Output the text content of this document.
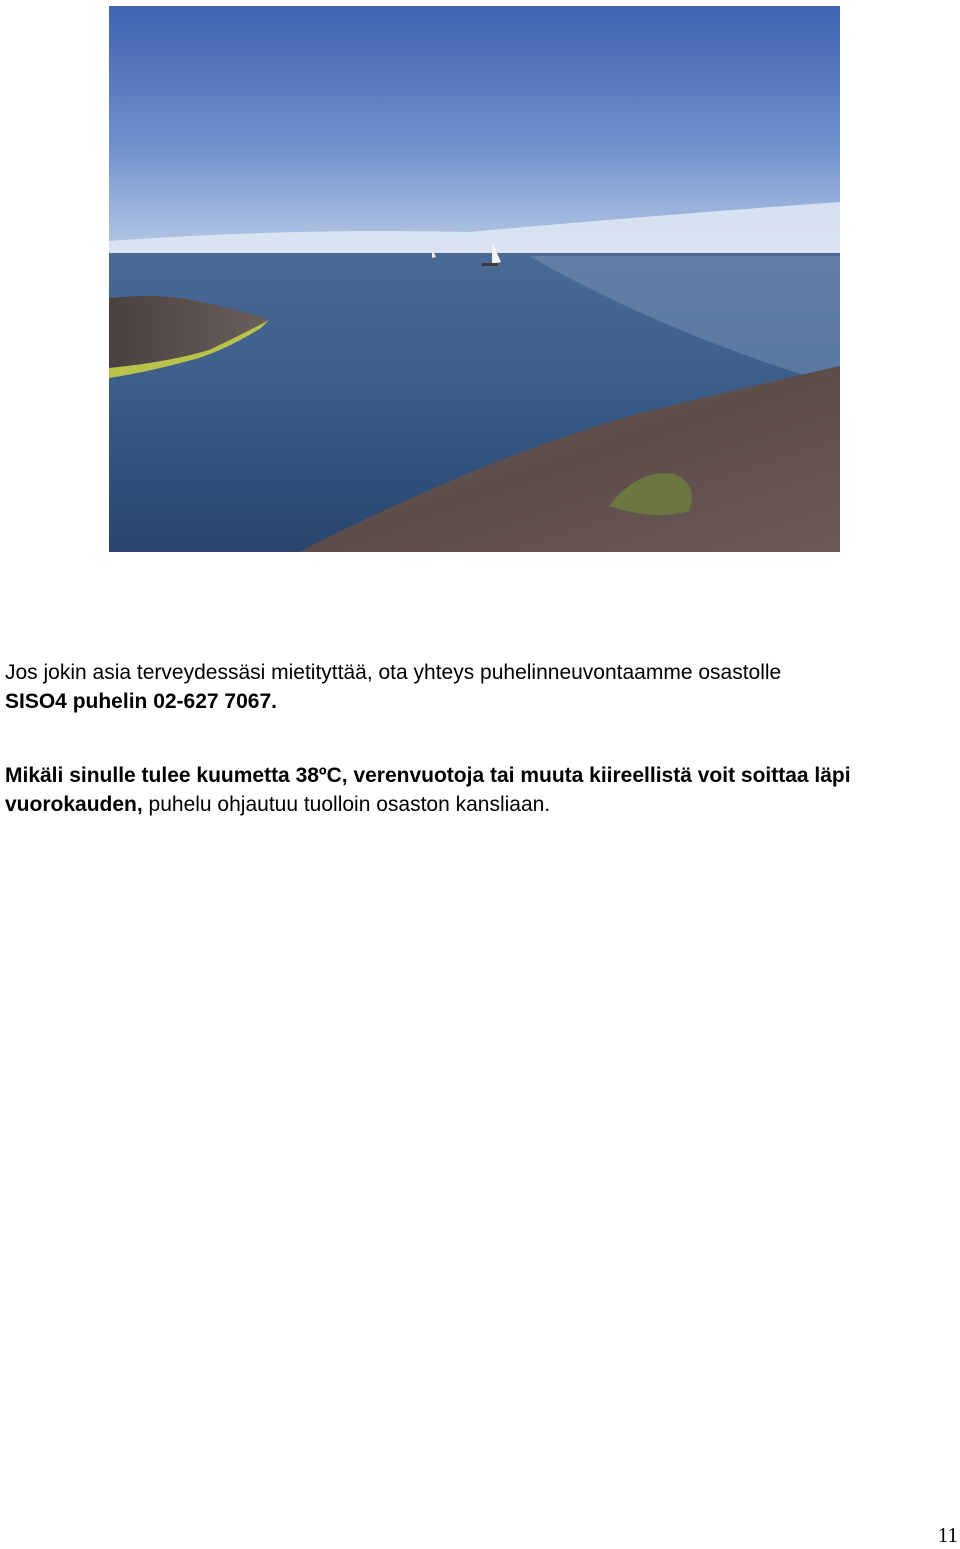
Jos jokin asia terveydessäsi mietityttää, ota yhteys puhelinneuvontaamme osastolle
SISO4 puhelin 02-627 7067.
Mikäli sinulle tulee kuumetta 38ºC, verenvuotoja tai muuta kiireellistä voit soittaa läpi vuorokauden, puhelu ohjautuu tuolloin osaston kansliaan.
11
